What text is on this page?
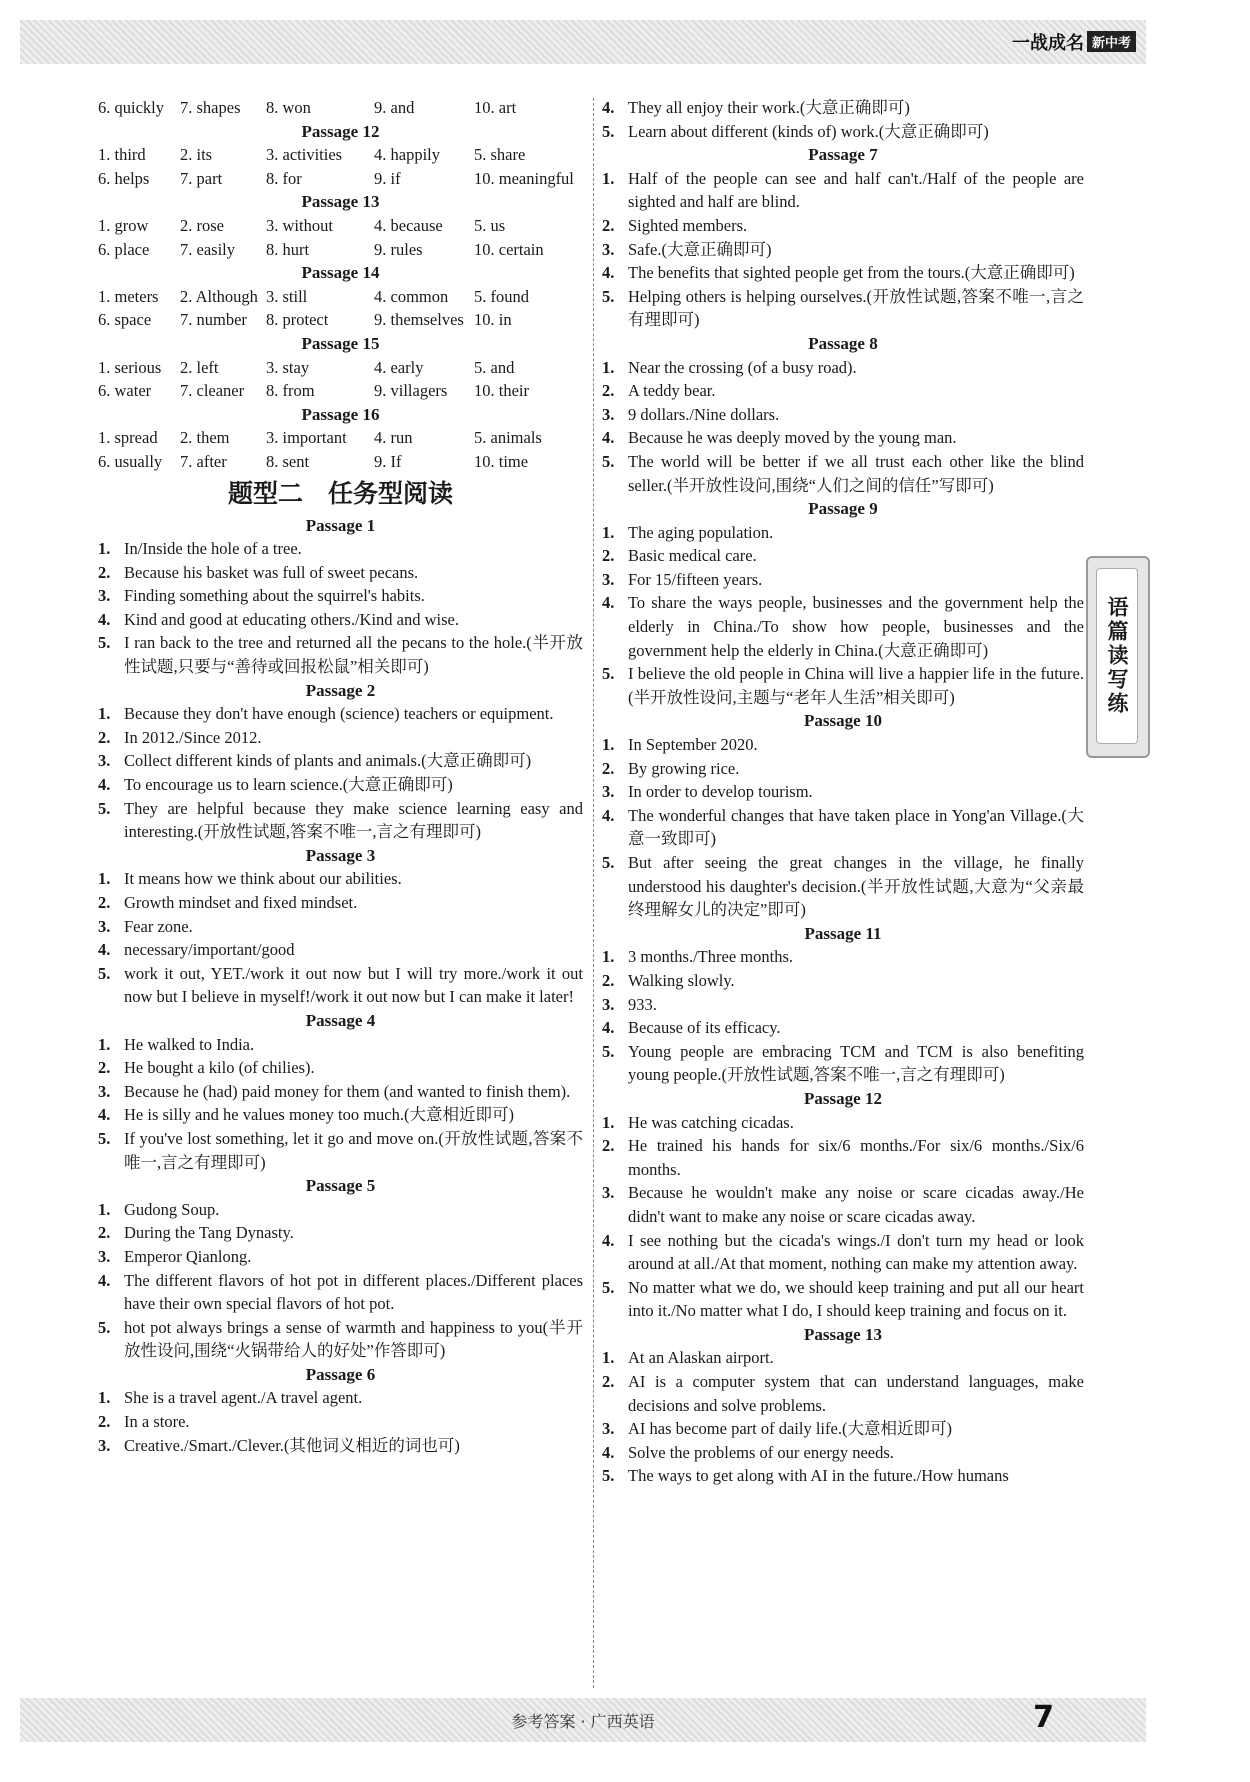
一战成名 新中考
语篇读写练
6. quickly 7. shapes	8. won	9. and	10. art
Passage 12
1. third	2. its	3. activities	4. happily	5. share
6. helps	7. part	8. for	9. if	10. meaningful
Passage 13
1. grow	2. rose	3. without	4. because	5. us
6. place	7. easily	8. hurt	9. rules	10. certain
Passage 14
1. meters	2. Although 3. still	4. common	5. found
6. space	7. number	8. protect	9. themselves 10. in
Passage 15
1. serious	2. left	3. stay	4. early	5. and
6. water	7. cleaner	8. from	9. villagers	10. their
Passage 16
1. spread	2. them	3. important	4. run	5. animals
6. usually	7. after	8. sent	9. If	10. time
题型二　任务型阅读
Passage 1
1. In/Inside the hole of a tree.
2. Because his basket was full of sweet pecans.
3. Finding something about the squirrel's habits.
4. Kind and good at educating others./Kind and wise.
5. I ran back to the tree and returned all the pecans to the hole.(半开放性试题,只要与“善待或回报松鼠”相关即可)
Passage 2
1. Because they don't have enough (science) teachers or equipment.
2. In 2012./Since 2012.
3. Collect different kinds of plants and animals.(大意正确即可)
4. To encourage us to learn science.(大意正确即可)
5. They are helpful because they make science learning easy and interesting.(开放性试题,答案不唯一,言之有理即可)
Passage 3
1. It means how we think about our abilities.
2. Growth mindset and fixed mindset.
3. Fear zone.
4. necessary/important/good
5. work it out, YET./work it out now but I will try more./work it out now but I believe in myself!/work it out now but I can make it later!
Passage 4
1. He walked to India.
2. He bought a kilo (of chilies).
3. Because he (had) paid money for them (and wanted to finish them).
4. He is silly and he values money too much.(大意相近即可)
5. If you've lost something, let it go and move on.(开放性试题,答案不唯一,言之有理即可)
Passage 5
1. Gudong Soup.
2. During the Tang Dynasty.
3. Emperor Qianlong.
4. The different flavors of hot pot in different places./Different places have their own special flavors of hot pot.
5. hot pot always brings a sense of warmth and happiness to you(半开放性设问,围绕“火锅带给人的好处”作答即可)
Passage 6
1. She is a travel agent./A travel agent.
2. In a store.
3. Creative./Smart./Clever.(其他词义相近的词也可)
4. They all enjoy their work.(大意正确即可)
5. Learn about different (kinds of) work.(大意正确即可)
Passage 7
1. Half of the people can see and half can't./Half of the people are sighted and half are blind.
2. Sighted members.
3. Safe.(大意正确即可)
4. The benefits that sighted people get from the tours.(大意正确即可)
5. Helping others is helping ourselves.(开放性试题,答案不唯一,言之有理即可)
Passage 8
1. Near the crossing (of a busy road).
2. A teddy bear.
3. 9 dollars./Nine dollars.
4. Because he was deeply moved by the young man.
5. The world will be better if we all trust each other like the blind seller.(半开放性设问,围绕“人们之间的信任”写即可)
Passage 9
1. The aging population.
2. Basic medical care.
3. For 15/fifteen years.
4. To share the ways people, businesses and the government help the elderly in China./To show how people, businesses and the government help the elderly in China.(大意正确即可)
5. I believe the old people in China will live a happier life in the future.(半开放性设问,主题与“老年人生活”相关即可)
Passage 10
1. In September 2020.
2. By growing rice.
3. In order to develop tourism.
4. The wonderful changes that have taken place in Yong'an Village.(大意一致即可)
5. But after seeing the great changes in the village, he finally understood his daughter's decision.(半开放性试题,大意为“父亲最终理解女儿的决定”即可)
Passage 11
1. 3 months./Three months.
2. Walking slowly.
3. 933.
4. Because of its efficacy.
5. Young people are embracing TCM and TCM is also benefiting young people.(开放性试题,答案不唯一,言之有理即可)
Passage 12
1. He was catching cicadas.
2. He trained his hands for six/6 months./For six/6 months./Six/6 months.
3. Because he wouldn't make any noise or scare cicadas away./He didn't want to make any noise or scare cicadas away.
4. I see nothing but the cicada's wings./I don't turn my head or look around at all./At that moment, nothing can make my attention away.
5. No matter what we do, we should keep training and put all our heart into it./No matter what I do, I should keep training and focus on it.
Passage 13
1. At an Alaskan airport.
2. AI is a computer system that can understand languages, make decisions and solve problems.
3. AI has become part of daily life.(大意相近即可)
4. Solve the problems of our energy needs.
5. The ways to get along with AI in the future./How humans
参考答案 · 广西英语	7
